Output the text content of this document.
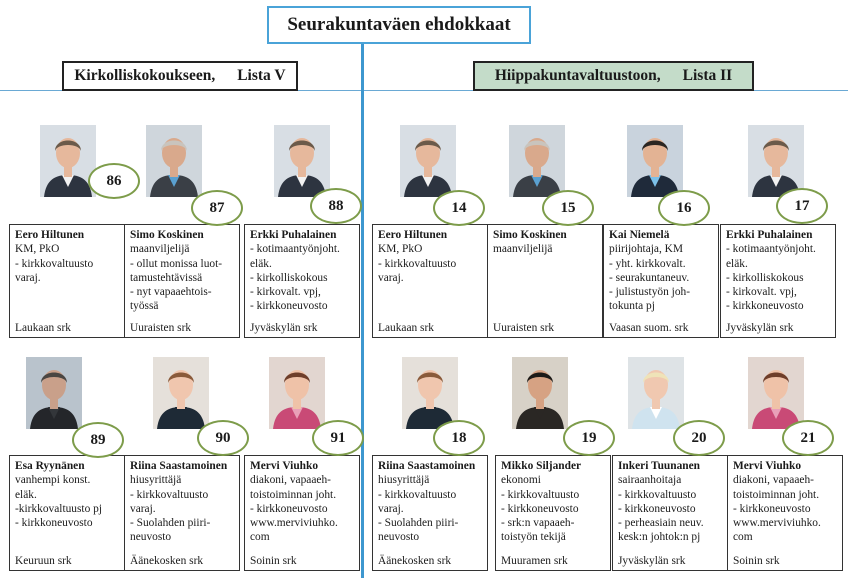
Seurakuntaväen ehdokkaat
Kirkolliskokoukseen, Lista V	Hiippakuntavaltuustoon, Lista II
Eero Hiltunen
KM, PkO
- kirkkovaltuusto
varaj.
Laukaan srk
86
Simo Koskinen
maanviljelijä
- ollut monissa luot-
tamustehtävissä
- nyt vapaaehtois-
työssä
Uuraisten srk
87
Erkki Puhalainen
- kotimaantyönjoht.
eläk.
- kirkolliskokous
- kirkovalt. vpj,
- kirkkoneuvosto
Jyväskylän srk
88
Eero Hiltunen
KM, PkO
- kirkkovaltuusto
varaj.
Laukaan srk
14
Simo Koskinen
maanviljelijä
Uuraisten srk
15
Kai Niemelä
piirijohtaja, KM
- yht. kirkkovalt.
- seurakuntaneuv.
- julistustyön joh-
tokunta pj
Vaasan suom. srk
16
Erkki Puhalainen
- kotimaantyönjoht.
eläk.
- kirkolliskokous
- kirkovalt. vpj,
- kirkkoneuvosto
Jyväskylän srk
17
Esa Ryynänen
vanhempi konst.
eläk.
-kirkkovaltuusto pj
- kirkkoneuvosto
Keuruun srk
89
Riina Saastamoinen
hiusyrittäjä
- kirkkovaltuusto
varaj.
- Suolahden piiri-
neuvosto
Äänekosken srk
90
Mervi Viuhko
diakoni, vapaaeh-
toistoiminnan joht.
- kirkkoneuvosto
www.merviviuhko.
com
Soinin srk
91
Riina Saastamoinen
hiusyrittäjä
- kirkkovaltuusto
varaj.
- Suolahden piiri-
neuvosto
Äänekosken srk
18
Mikko Siljander
ekonomi
- kirkkovaltuusto
- kirkkoneuvosto
- srk:n vapaaeh-
toistyön tekijä
Muuramen srk
19
Inkeri Tuunanen
sairaanhoitaja
- kirkkovaltuusto
- kirkkoneuvosto
- perheasiain neuv.
kesk:n johtok:n pj
Jyväskylän srk
20
Mervi Viuhko
diakoni, vapaaeh-
toistoiminnan joht.
- kirkkoneuvosto
www.merviviuhko.
com
Soinin srk
21
